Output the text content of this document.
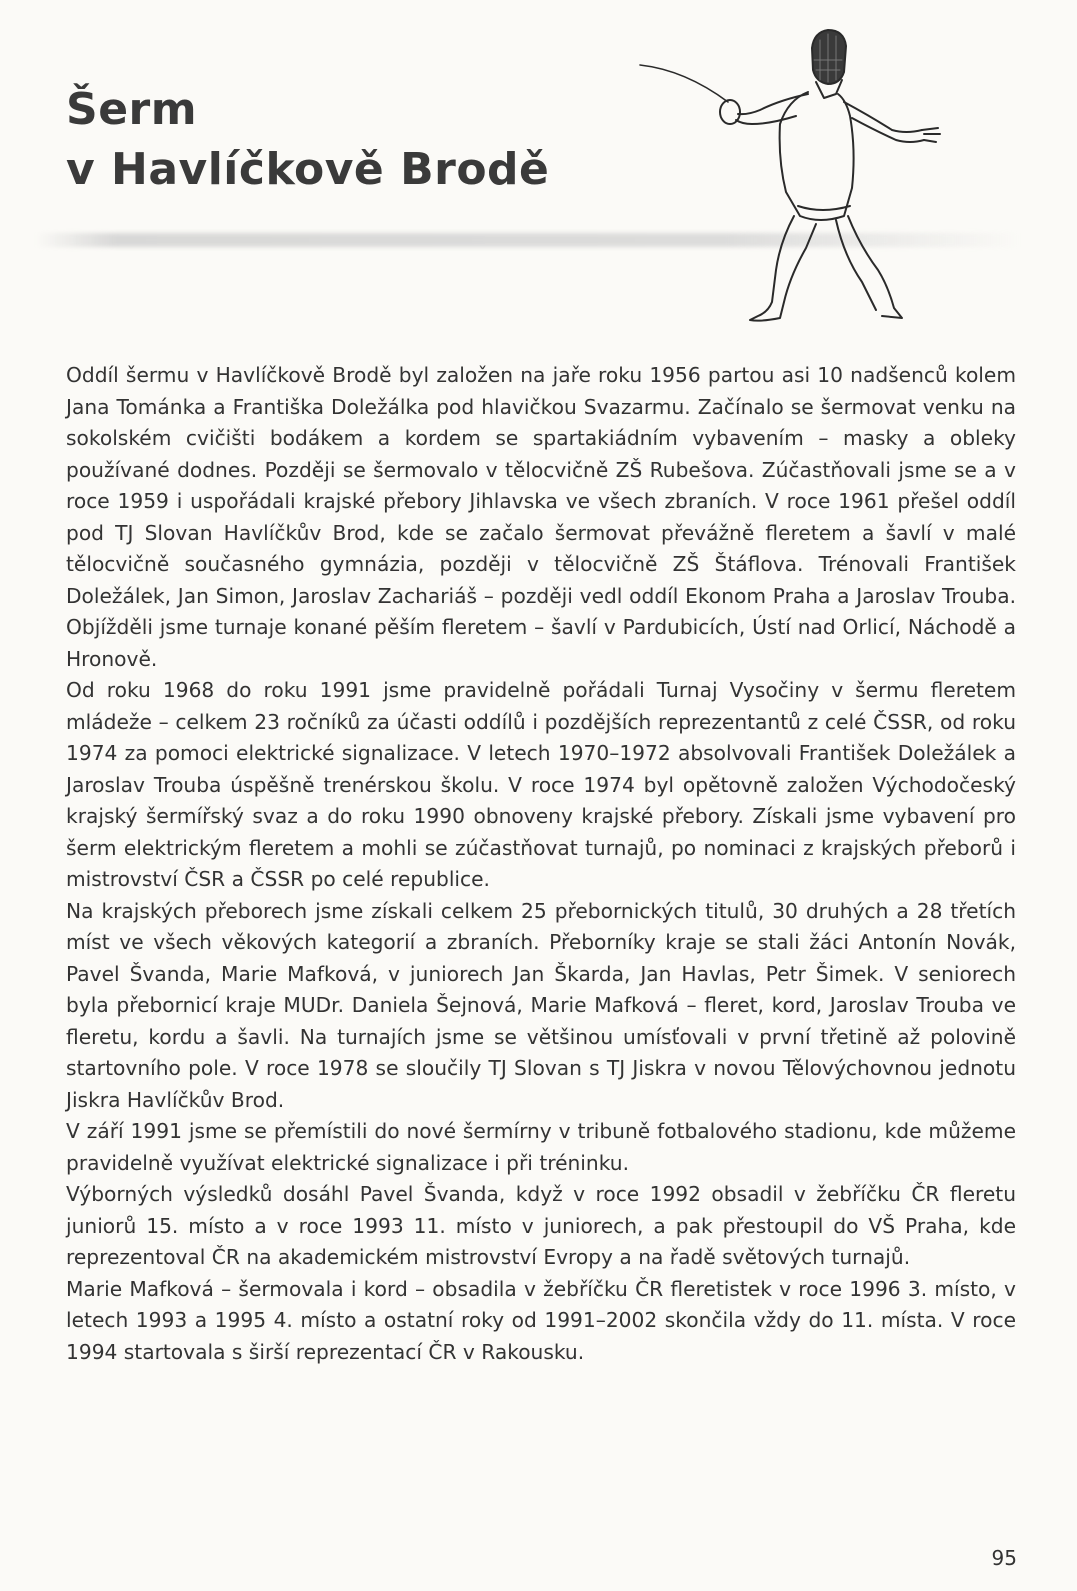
Šerm
v Havlíčkově Brodě

Oddíl šermu v Havlíčkově Brodě byl založen na jaře roku 1956 partou asi 10 nadšenců kolem Jana Tománka a Františka Doležálka pod hlavičkou Svazarmu. Začínalo se šermovat venku na sokolském cvičišti bodákem a kordem se spartakiádním vybavením – masky a obleky používané dodnes. Později se šermovalo v tělocvičně ZŠ Rubešova. Zúčastňovali jsme se a v roce 1959 i uspořádali krajské přebory Jihlavska ve všech zbraních. V roce 1961 přešel oddíl pod TJ Slovan Havlíčkův Brod, kde se začalo šermovat převážně fleretem a šavlí v malé tělocvičně současného gymnázia, později v tělocvičně ZŠ Štáflova. Trénovali František Doležálek, Jan Simon, Jaroslav Zachariáš – později vedl oddíl Ekonom Praha a Jaroslav Trouba. Objížděli jsme turnaje konané pěším fleretem – šavlí v Pardubicích, Ústí nad Orlicí, Náchodě a Hronově.

Od roku 1968 do roku 1991 jsme pravidelně pořádali Turnaj Vysočiny v šermu fleretem mládeže – celkem 23 ročníků za účasti oddílů i pozdějších reprezentantů z celé ČSSR, od roku 1974 za pomoci elektrické signalizace. V letech 1970–1972 absolvovali František Doležálek a Jaroslav Trouba úspěšně trenérskou školu. V roce 1974 byl opětovně založen Východočeský krajský šermířský svaz a do roku 1990 obnoveny krajské přebory. Získali jsme vybavení pro šerm elektrickým fleretem a mohli se zúčastňovat turnajů, po nominaci z krajských přeborů i mistrovství ČSR a ČSSR po celé republice.

Na krajských přeborech jsme získali celkem 25 přebornických titulů, 30 druhých a 28 třetích míst ve všech věkových kategorií a zbraních. Přeborníky kraje se stali žáci Antonín Novák, Pavel Švanda, Marie Mafková, v juniorech Jan Škarda, Jan Havlas, Petr Šimek. V seniorech byla přebornicí kraje MUDr. Daniela Šejnová, Marie Mafková – fleret, kord, Jaroslav Trouba ve fleretu, kordu a šavli. Na turnajích jsme se většinou umísťovali v první třetině až polovině startovního pole. V roce 1978 se sloučily TJ Slovan s TJ Jiskra v novou Tělovýchovnou jednotu Jiskra Havlíčkův Brod.

V září 1991 jsme se přemístili do nové šermírny v tribuně fotbalového stadionu, kde můžeme pravidelně využívat elektrické signalizace i při tréninku.

Výborných výsledků dosáhl Pavel Švanda, když v roce 1992 obsadil v žebříčku ČR fleretu juniorů 15. místo a v roce 1993 11. místo v juniorech, a pak přestoupil do VŠ Praha, kde reprezentoval ČR na akademickém mistrovství Evropy a na řadě světových turnajů.

Marie Mafková – šermovala i kord – obsadila v žebříčku ČR fleretistek v roce 1996 3. místo, v letech 1993 a 1995 4. místo a ostatní roky od 1991–2002 skončila vždy do 11. místa. V roce 1994 startovala s širší reprezentací ČR v Rakousku.

95
